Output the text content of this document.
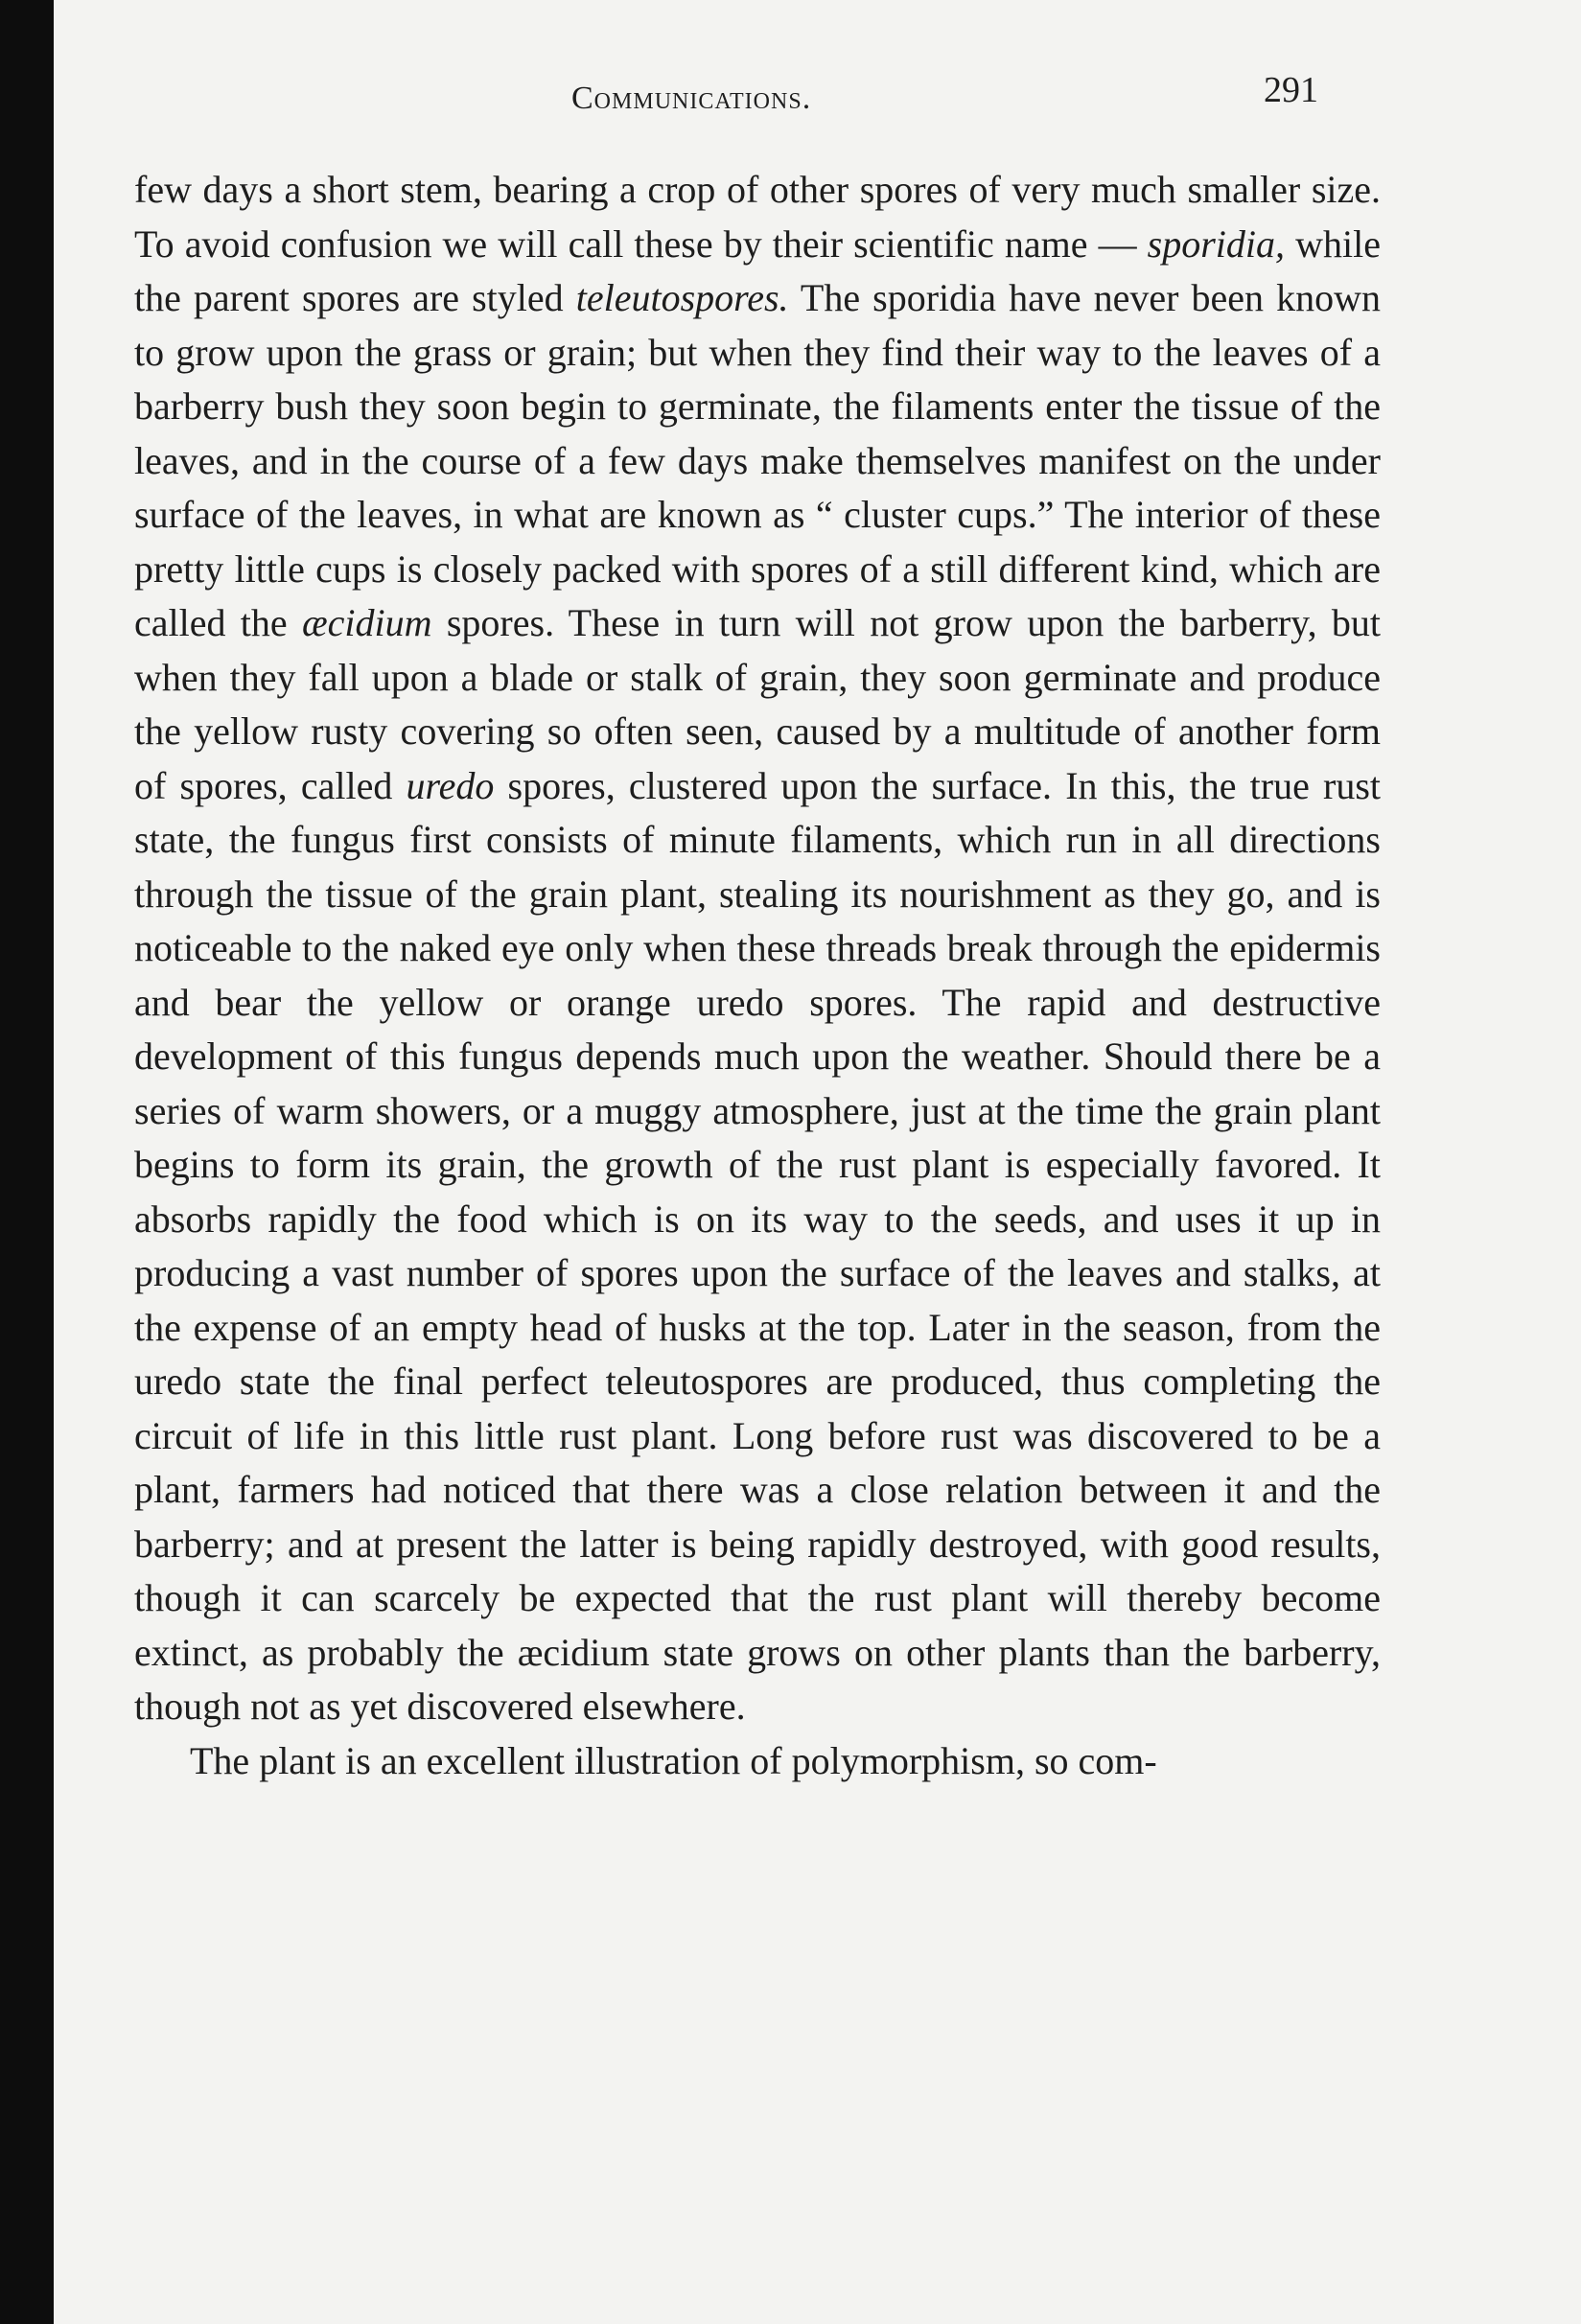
Communications.	291

few days a short stem, bearing a crop of other spores of very much smaller size. To avoid confusion we will call these by their scientific name — sporidia, while the parent spores are styled teleutospores. The sporidia have never been known to grow upon the grass or grain; but when they find their way to the leaves of a barberry bush they soon begin to germinate, the filaments enter the tissue of the leaves, and in the course of a few days make themselves manifest on the under surface of the leaves, in what are known as “ cluster cups.” The interior of these pretty little cups is closely packed with spores of a still different kind, which are called the æcidium spores. These in turn will not grow upon the barberry, but when they fall upon a blade or stalk of grain, they soon germinate and produce the yellow rusty covering so often seen, caused by a multitude of another form of spores, called uredo spores, clustered upon the surface. In this, the true rust state, the fungus first consists of minute filaments, which run in all directions through the tissue of the grain plant, stealing its nourishment as they go, and is noticeable to the naked eye only when these threads break through the epidermis and bear the yellow or orange uredo spores. The rapid and destructive development of this fungus depends much upon the weather. Should there be a series of warm showers, or a muggy atmosphere, just at the time the grain plant begins to form its grain, the growth of the rust plant is especially favored. It absorbs rapidly the food which is on its way to the seeds, and uses it up in producing a vast number of spores upon the surface of the leaves and stalks, at the expense of an empty head of husks at the top. Later in the season, from the uredo state the final perfect teleutospores are produced, thus completing the circuit of life in this little rust plant. Long before rust was discovered to be a plant, farmers had noticed that there was a close relation between it and the barberry; and at present the latter is being rapidly destroyed, with good results, though it can scarcely be expected that the rust plant will thereby become extinct, as probably the æcidium state grows on other plants than the barberry, though not as yet discovered elsewhere.

The plant is an excellent illustration of polymorphism, so com-
